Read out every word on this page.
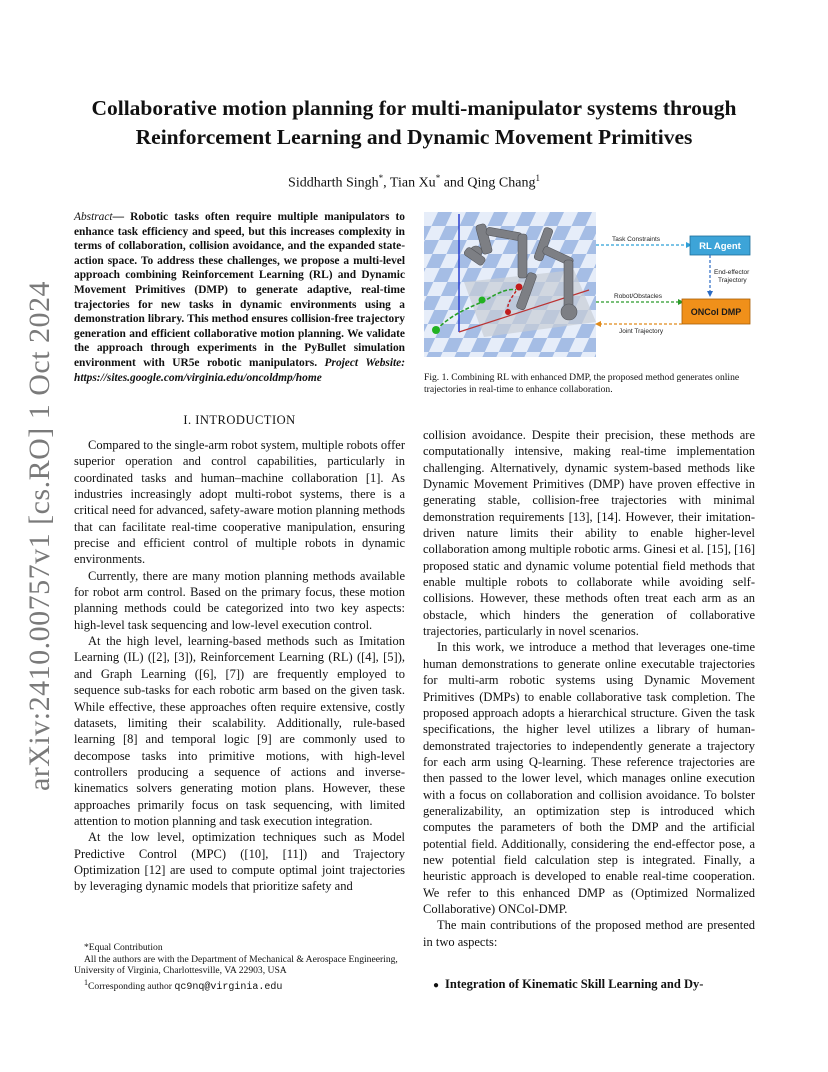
arXiv:2410.00757v1 [cs.RO] 1 Oct 2024
Collaborative motion planning for multi-manipulator systems through
Reinforcement Learning and Dynamic Movement Primitives
Siddharth Singh*, Tian Xu* and Qing Chang$^1$
Abstract— Robotic tasks often require multiple manipulators to enhance task efficiency and speed, but this increases complexity in terms of collaboration, collision avoidance, and the expanded state-action space. To address these challenges, we propose a multi-level approach combining Reinforcement Learning (RL) and Dynamic Movement Primitives (DMP) to generate adaptive, real-time trajectories for new tasks in dynamic environments using a demonstration library. This method ensures collision-free trajectory generation and efficient collaborative motion planning. We validate the approach through experiments in the PyBullet simulation environment with UR5e robotic manipulators. Project Website: https://sites.google.com/virginia.edu/oncoldmp/home
I. INTRODUCTION

Compared to the single-arm robot system, multiple robots offer superior operation and control capabilities, particularly in coordinated tasks and human–machine collaboration [1]. As industries increasingly adopt multi-robot systems, there is a critical need for advanced, safety-aware motion planning methods that can facilitate real-time cooperative manipulation, ensuring precise and efficient control of multiple robots in dynamic environments.

Currently, there are many motion planning methods available for robot arm control. Based on the primary focus, these motion planning methods could be categorized into two key aspects: high-level task sequencing and low-level execution control.

At the high level, learning-based methods such as Imitation Learning (IL) ([2], [3]), Reinforcement Learning (RL) ([4], [5]), and Graph Learning ([6], [7]) are frequently employed to sequence sub-tasks for each robotic arm based on the given task. While effective, these approaches often require extensive, costly datasets, limiting their scalability. Additionally, rule-based learning [8] and temporal logic [9] are commonly used to decompose tasks into primitive motions, with high-level controllers producing a sequence of actions and inverse-kinematics solvers generating motion plans. However, these approaches primarily focus on task sequencing, with limited attention to motion planning and task execution integration.

At the low level, optimization techniques such as Model Predictive Control (MPC) ([10], [11]) and Trajectory Optimization [12] are used to compute optimal joint trajectories by leveraging dynamic models that prioritize safety and

*Equal Contribution
All the authors are with the Department of Mechanical & Aerospace Engineering, University of Virginia, Charlottesville, VA 22903, USA
$^1$Corresponding author qc9nq@virginia.edu
Task Constraints
RL Agent
End-effector
Trajectory
Robot/Obstacles
ONCol DMP
Joint Trajectory
Fig. 1. Combining RL with enhanced DMP, the proposed method generates online trajectories in real-time to enhance collaboration.

collision avoidance. Despite their precision, these methods are computationally intensive, making real-time implementation challenging. Alternatively, dynamic system-based methods like Dynamic Movement Primitives (DMP) have proven effective in generating stable, collision-free trajectories with minimal demonstration requirements [13], [14]. However, their imitation-driven nature limits their ability to enable higher-level collaboration among multiple robotic arms. Ginesi et al. [15], [16] proposed static and dynamic volume potential field methods that enable multiple robots to collaborate while avoiding self-collisions. However, these methods often treat each arm as an obstacle, which hinders the generation of collaborative trajectories, particularly in novel scenarios.

In this work, we introduce a method that leverages one-time human demonstrations to generate online executable trajectories for multi-arm robotic systems using Dynamic Movement Primitives (DMPs) to enable collaborative task completion. The proposed approach adopts a hierarchical structure. Given the task specifications, the higher level utilizes a library of human-demonstrated trajectories to independently generate a trajectory for each arm using Q-learning. These reference trajectories are then passed to the lower level, which manages online execution with a focus on collaboration and collision avoidance. To bolster generalizability, an optimization step is introduced which computes the parameters of both the DMP and the artificial potential field. Additionally, considering the end-effector pose, a new potential field calculation step is integrated. Finally, a heuristic approach is developed to enable real-time cooperation. We refer to this enhanced DMP as (Optimized Normalized Collaborative) ONCol-DMP.

The main contributions of the proposed method are presented in two aspects:

● Integration of Kinematic Skill Learning and Dy-
